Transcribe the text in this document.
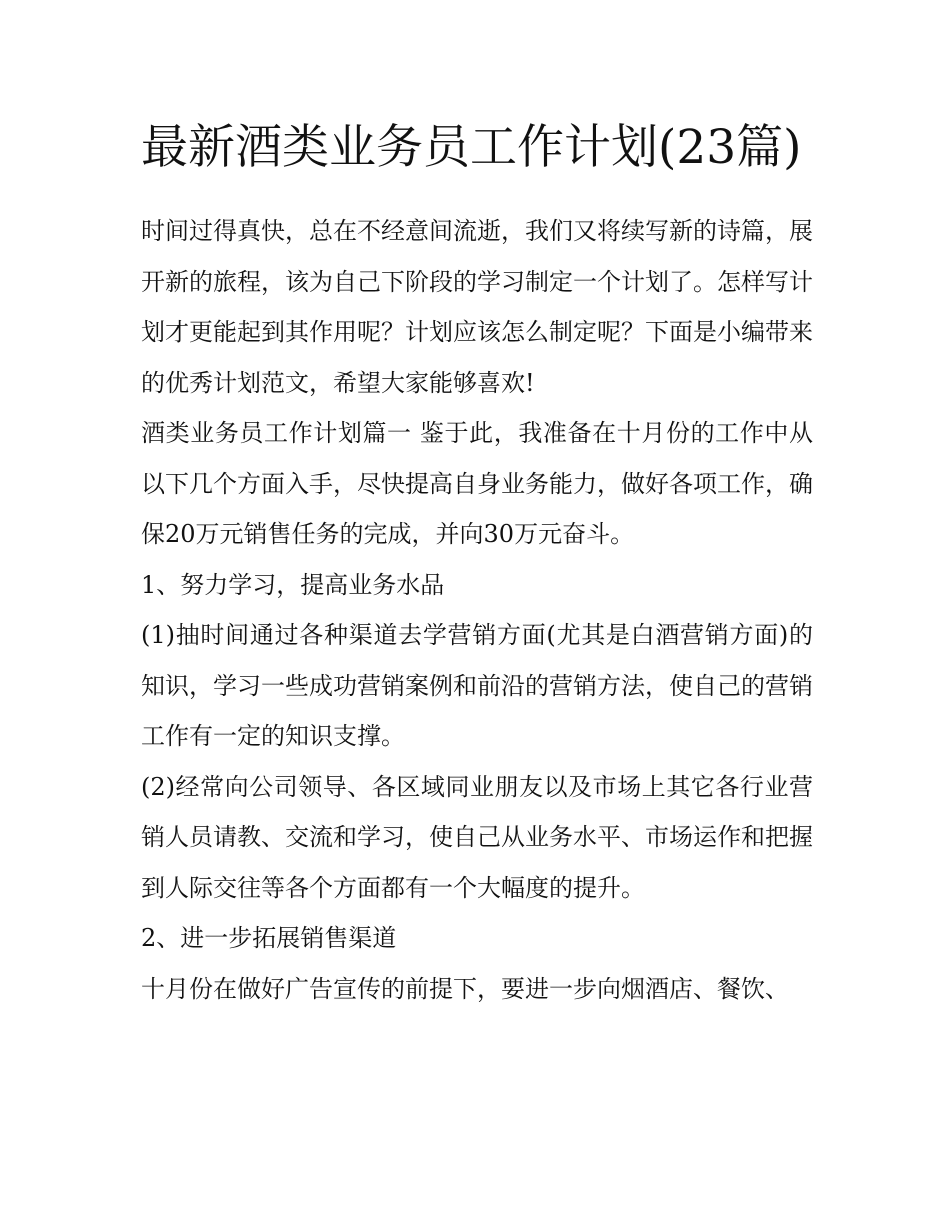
最新酒类业务员工作计划(23篇)

时间过得真快，总在不经意间流逝，我们又将续写新的诗篇，展开新的旅程，该为自己下阶段的学习制定一个计划了。怎样写计划才更能起到其作用呢？计划应该怎么制定呢？下面是小编带来的优秀计划范文，希望大家能够喜欢!

酒类业务员工作计划篇一 鉴于此，我准备在十月份的工作中从以下几个方面入手，尽快提高自身业务能力，做好各项工作，确保20万元销售任务的完成，并向30万元奋斗。

1、努力学习，提高业务水品

(1)抽时间通过各种渠道去学营销方面(尤其是白酒营销方面)的知识，学习一些成功营销案例和前沿的营销方法，使自己的营销工作有一定的知识支撑。

(2)经常向公司领导、各区域同业朋友以及市场上其它各行业营销人员请教、交流和学习，使自己从业务水平、市场运作和把握到人际交往等各个方面都有一个大幅度的提升。

2、进一步拓展销售渠道

十月份在做好广告宣传的前提下，要进一步向烟酒店、餐饮、
